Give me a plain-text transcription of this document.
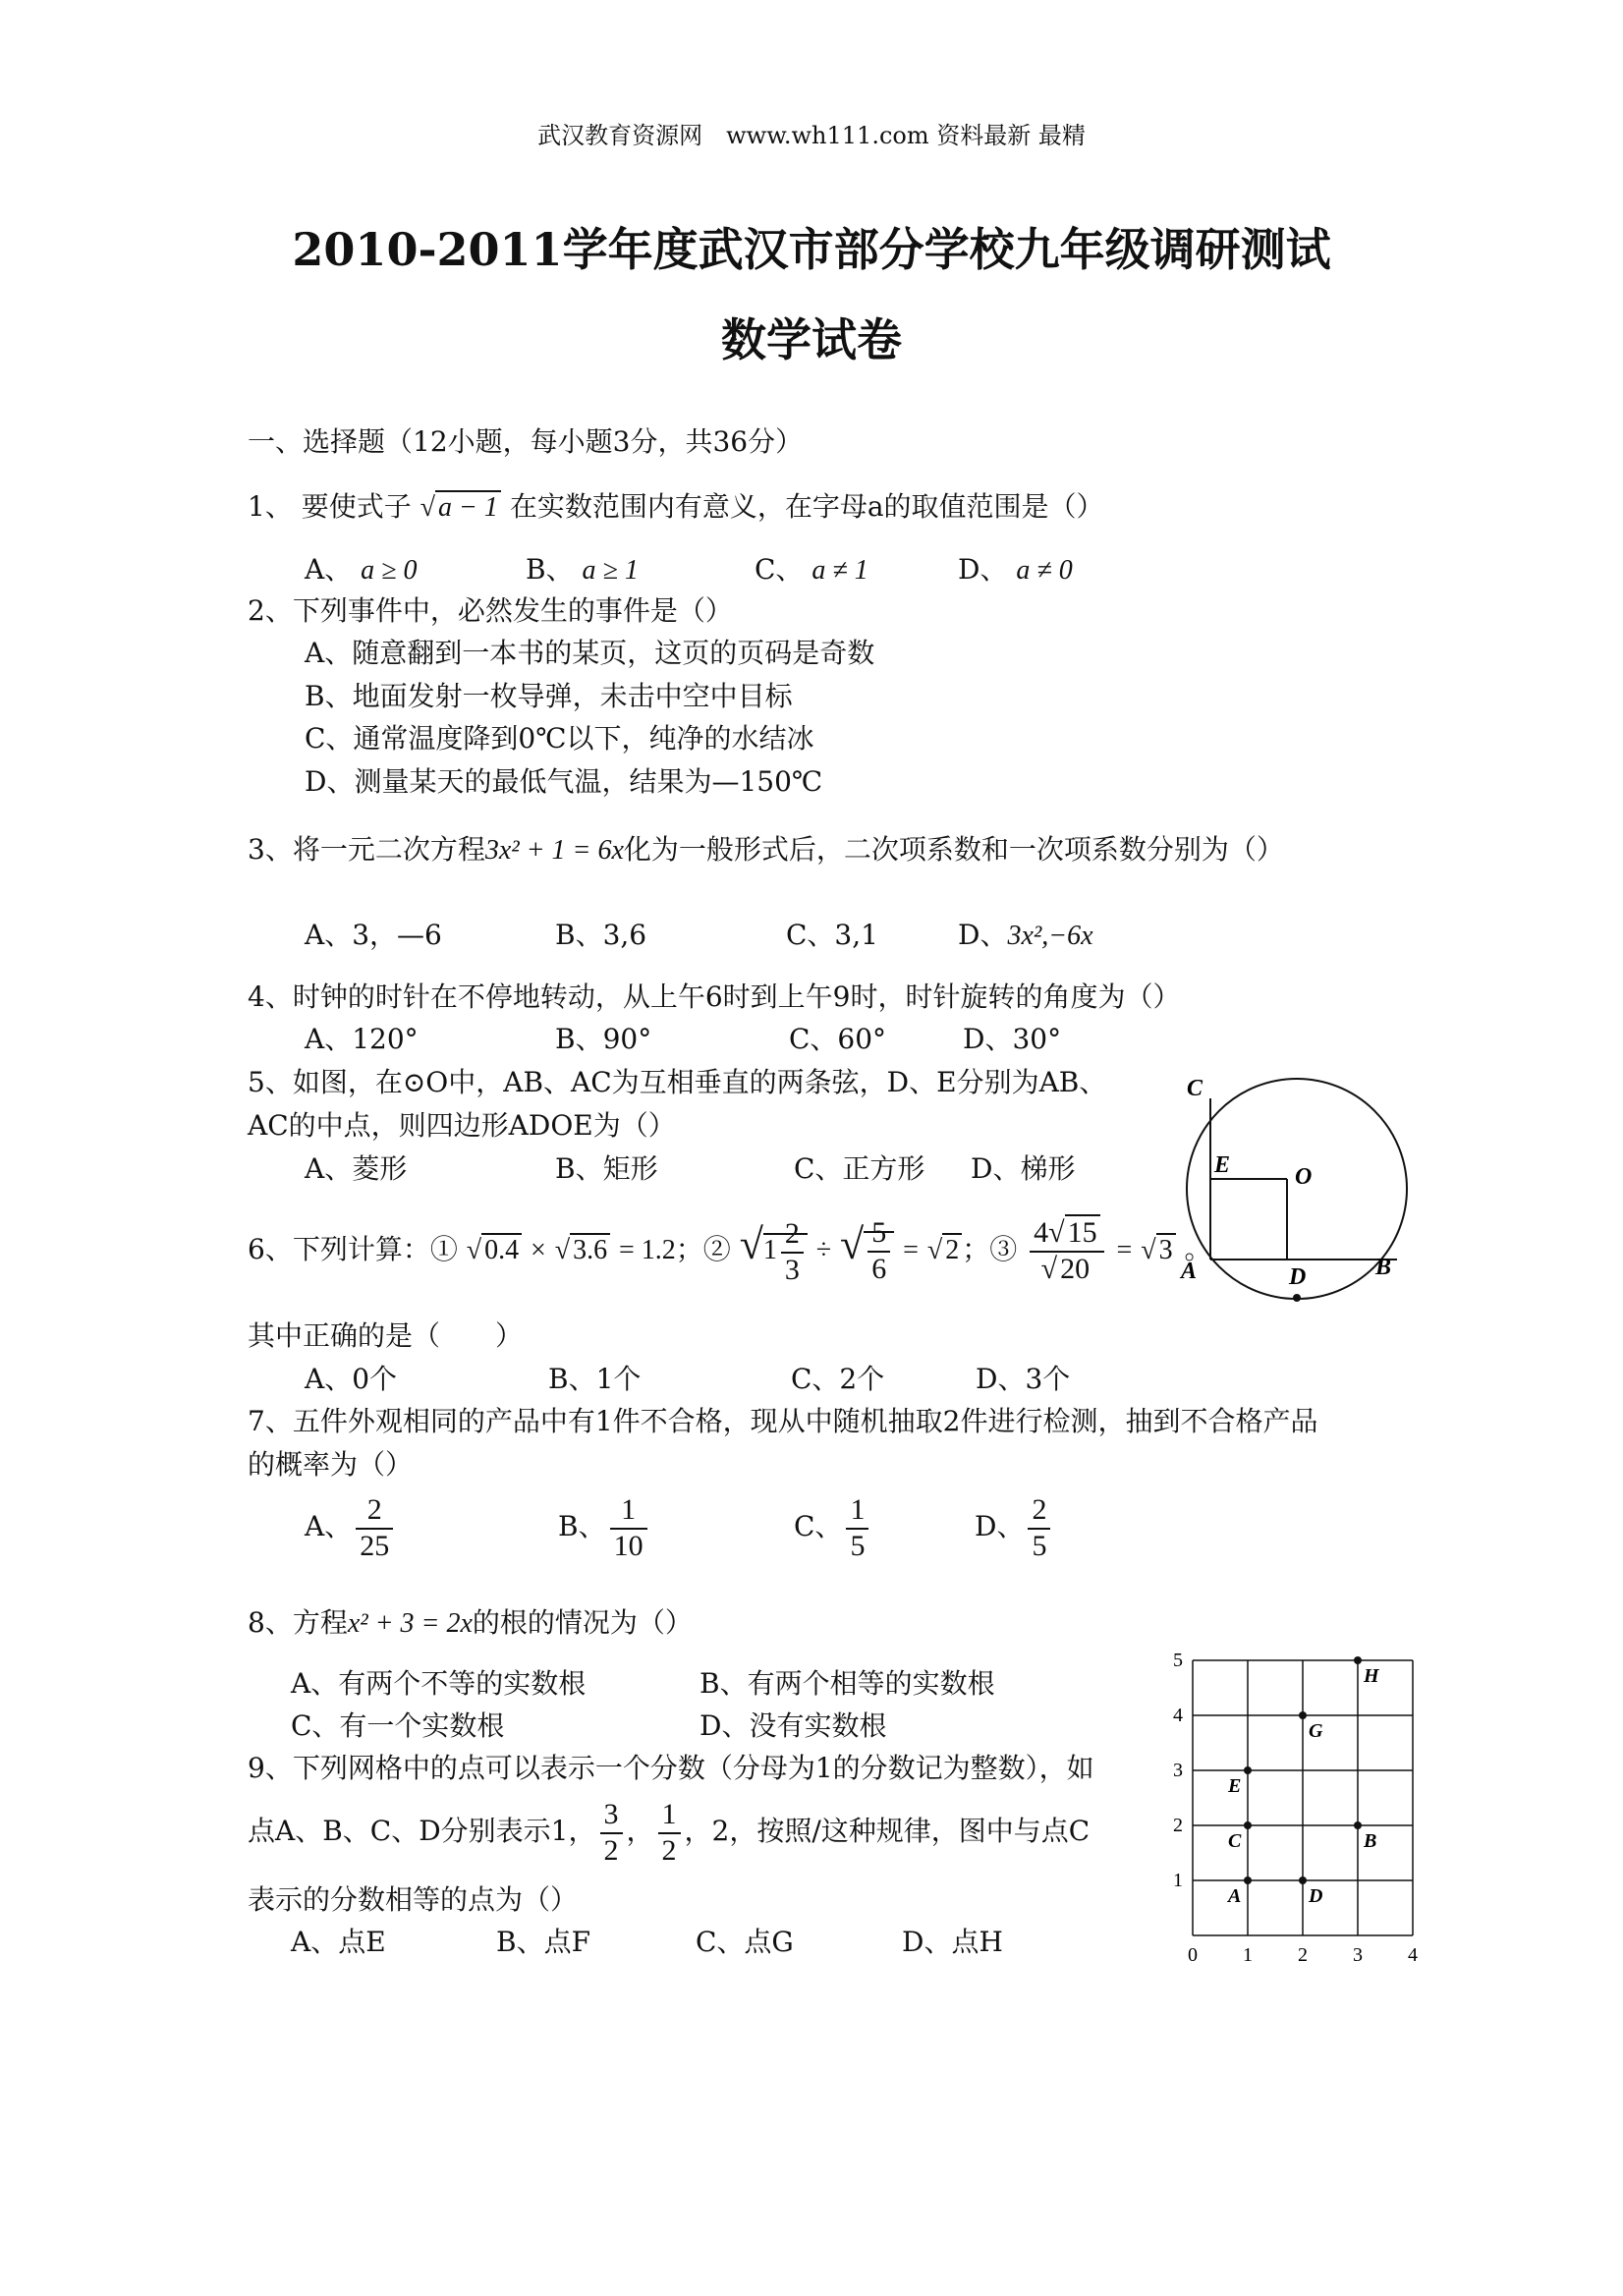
武汉教育资源网　www.wh111.com 资料最新 最精
2010-2011学年度武汉市部分学校九年级调研测试
数学试卷
一、选择题（12小题，每小题3分，共36分）
1、 要使式子 √ a − 1 在实数范围内有意义，在字母a的取值范围是（）
A、 a ≥ 0	B、 a ≥ 1	C、 a ≠ 1	D、 a ≠ 0
2、下列事件中，必然发生的事件是（）
A、随意翻到一本书的某页，这页的页码是奇数
B、地面发射一枚导弹，未击中空中目标
C、通常温度降到0℃以下，纯净的水结冰
D、测量某天的最低气温，结果为—150℃
3、将一元二次方程3x² + 1 = 6x化为一般形式后，二次项系数和一次项系数分别为（）
A、3，—6	B、3,6	C、3,1	D、3x²,−6x
4、时钟的时针在不停地转动，从上午6时到上午9时，时针旋转的角度为（）
A、120°	B、90°	C、60°	D、30°
5、如图，在⊙O中，AB、AC为互相垂直的两条弦，D、E分别为AB、
AC的中点，则四边形ADOE为（）
A、菱形	B、矩形	C、正方形 D、梯形
C
E	O
A	D	B
6、下列计算：① √ 0.4 × √ 3.6 = 1.2；② $√1 \frac{2}{3}$ ÷ √ $\frac{5}{6}$ = √ 2 ；③ $\frac{4√ 15}{√ 20}$ = √ 3 。
其中正确的是（　　）
A、0个	B、1个	C、2个	D、3个
7、五件外观相同的产品中有1件不合格，现从中随机抽取2件进行检测，抽到不合格产品
的概率为（）
A、 $\frac{2}{25}$	B、 $\frac{1}{10}$	C、 $\frac{1}{5}$	D、 $\frac{2}{5}$
8、方程x² + 3 = 2x的根的情况为（）
A、有两个不等的实数根	B、有两个相等的实数根
C、有一个实数根	D、没有实数根
9、下列网格中的点可以表示一个分数（分母为1的分数记为整数），如
点A、B、C、D分别表示1， $\frac{3}{2}$ ， $\frac{1}{2}$ ，2，按照/这种规律，图中与点C
表示的分数相等的点为（）
A、点E	B、点F	C、点G	D、点H	0 1 2 3 4
1
2
3
4
5
A	D
C	B
E
G
H
